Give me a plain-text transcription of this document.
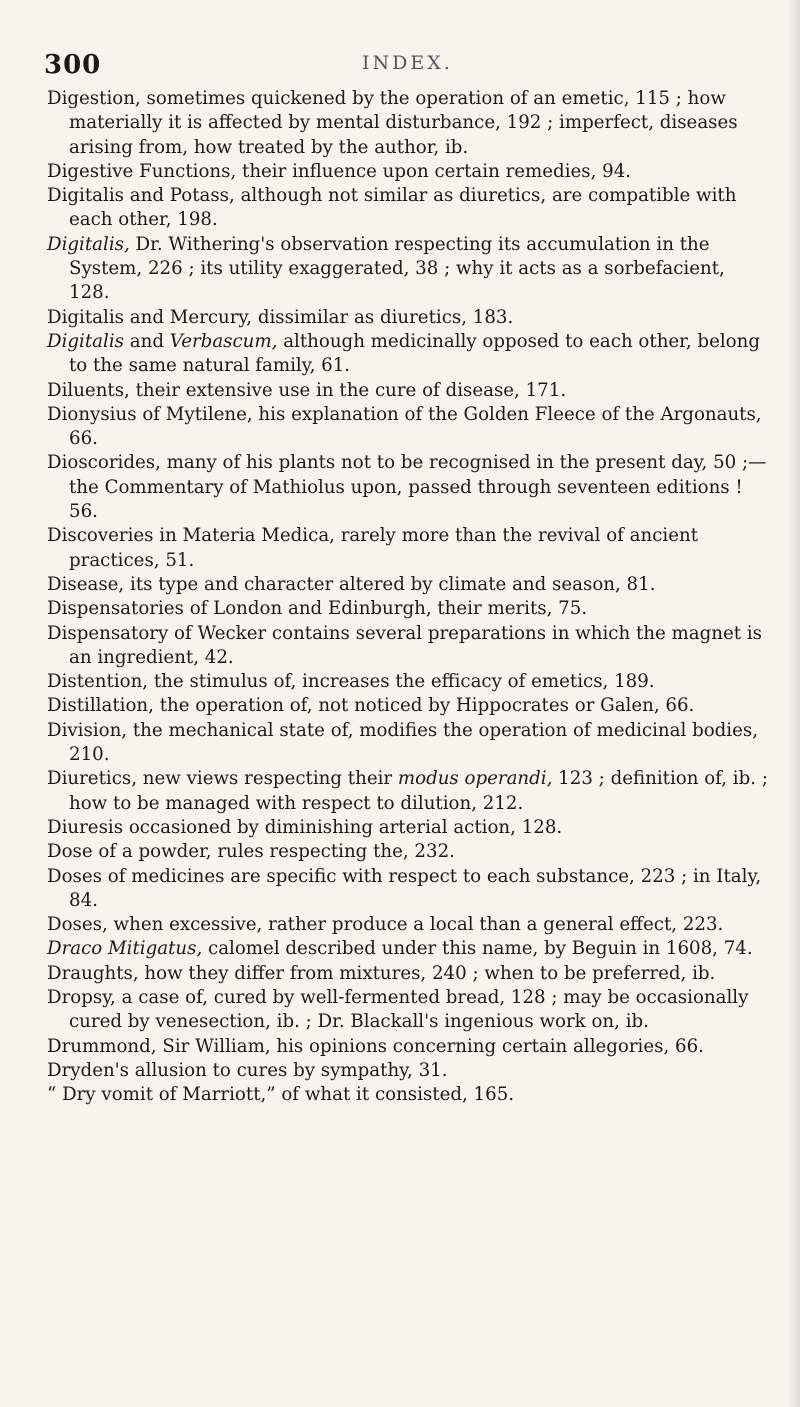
300	INDEX.
Digestion, sometimes quickened by the operation of an emetic, 115 ; how materially it is affected by mental disturbance, 192 ; imperfect, diseases arising from, how treated by the author, ib.
Digestive Functions, their influence upon certain remedies, 94.
Digitalis and Potass, although not similar as diuretics, are compatible with each other, 198.
Digitalis, Dr. Withering's observation respecting its accumulation in the System, 226 ; its utility exaggerated, 38 ; why it acts as a sorbefacient, 128.
Digitalis and Mercury, dissimilar as diuretics, 183.
Digitalis and Verbascum, although medicinally opposed to each other, belong to the same natural family, 61.
Diluents, their extensive use in the cure of disease, 171.
Dionysius of Mytilene, his explanation of the Golden Fleece of the Argonauts, 66.
Dioscorides, many of his plants not to be recognised in the present day, 50 ;—the Commentary of Mathiolus upon, passed through seventeen editions ! 56.
Discoveries in Materia Medica, rarely more than the revival of ancient practices, 51.
Disease, its type and character altered by climate and season, 81.
Dispensatories of London and Edinburgh, their merits, 75.
Dispensatory of Wecker contains several preparations in which the magnet is an ingredient, 42.
Distention, the stimulus of, increases the efficacy of emetics, 189.
Distillation, the operation of, not noticed by Hippocrates or Galen, 66.
Division, the mechanical state of, modifies the operation of medicinal bodies, 210.
Diuretics, new views respecting their modus operandi, 123 ; definition of, ib. ; how to be managed with respect to dilution, 212.
Diuresis occasioned by diminishing arterial action, 128.
Dose of a powder, rules respecting the, 232.
Doses of medicines are specific with respect to each substance, 223 ; in Italy, 84.
Doses, when excessive, rather produce a local than a general effect, 223.
Draco Mitigatus, calomel described under this name, by Beguin in 1608, 74.
Draughts, how they differ from mixtures, 240 ; when to be preferred, ib.
Dropsy, a case of, cured by well-fermented bread, 128 ; may be occasionally cured by venesection, ib. ; Dr. Blackall's ingenious work on, ib.
Drummond, Sir William, his opinions concerning certain allegories, 66.
Dryden's allusion to cures by sympathy, 31.
“ Dry vomit of Marriott,” of what it consisted, 165.
